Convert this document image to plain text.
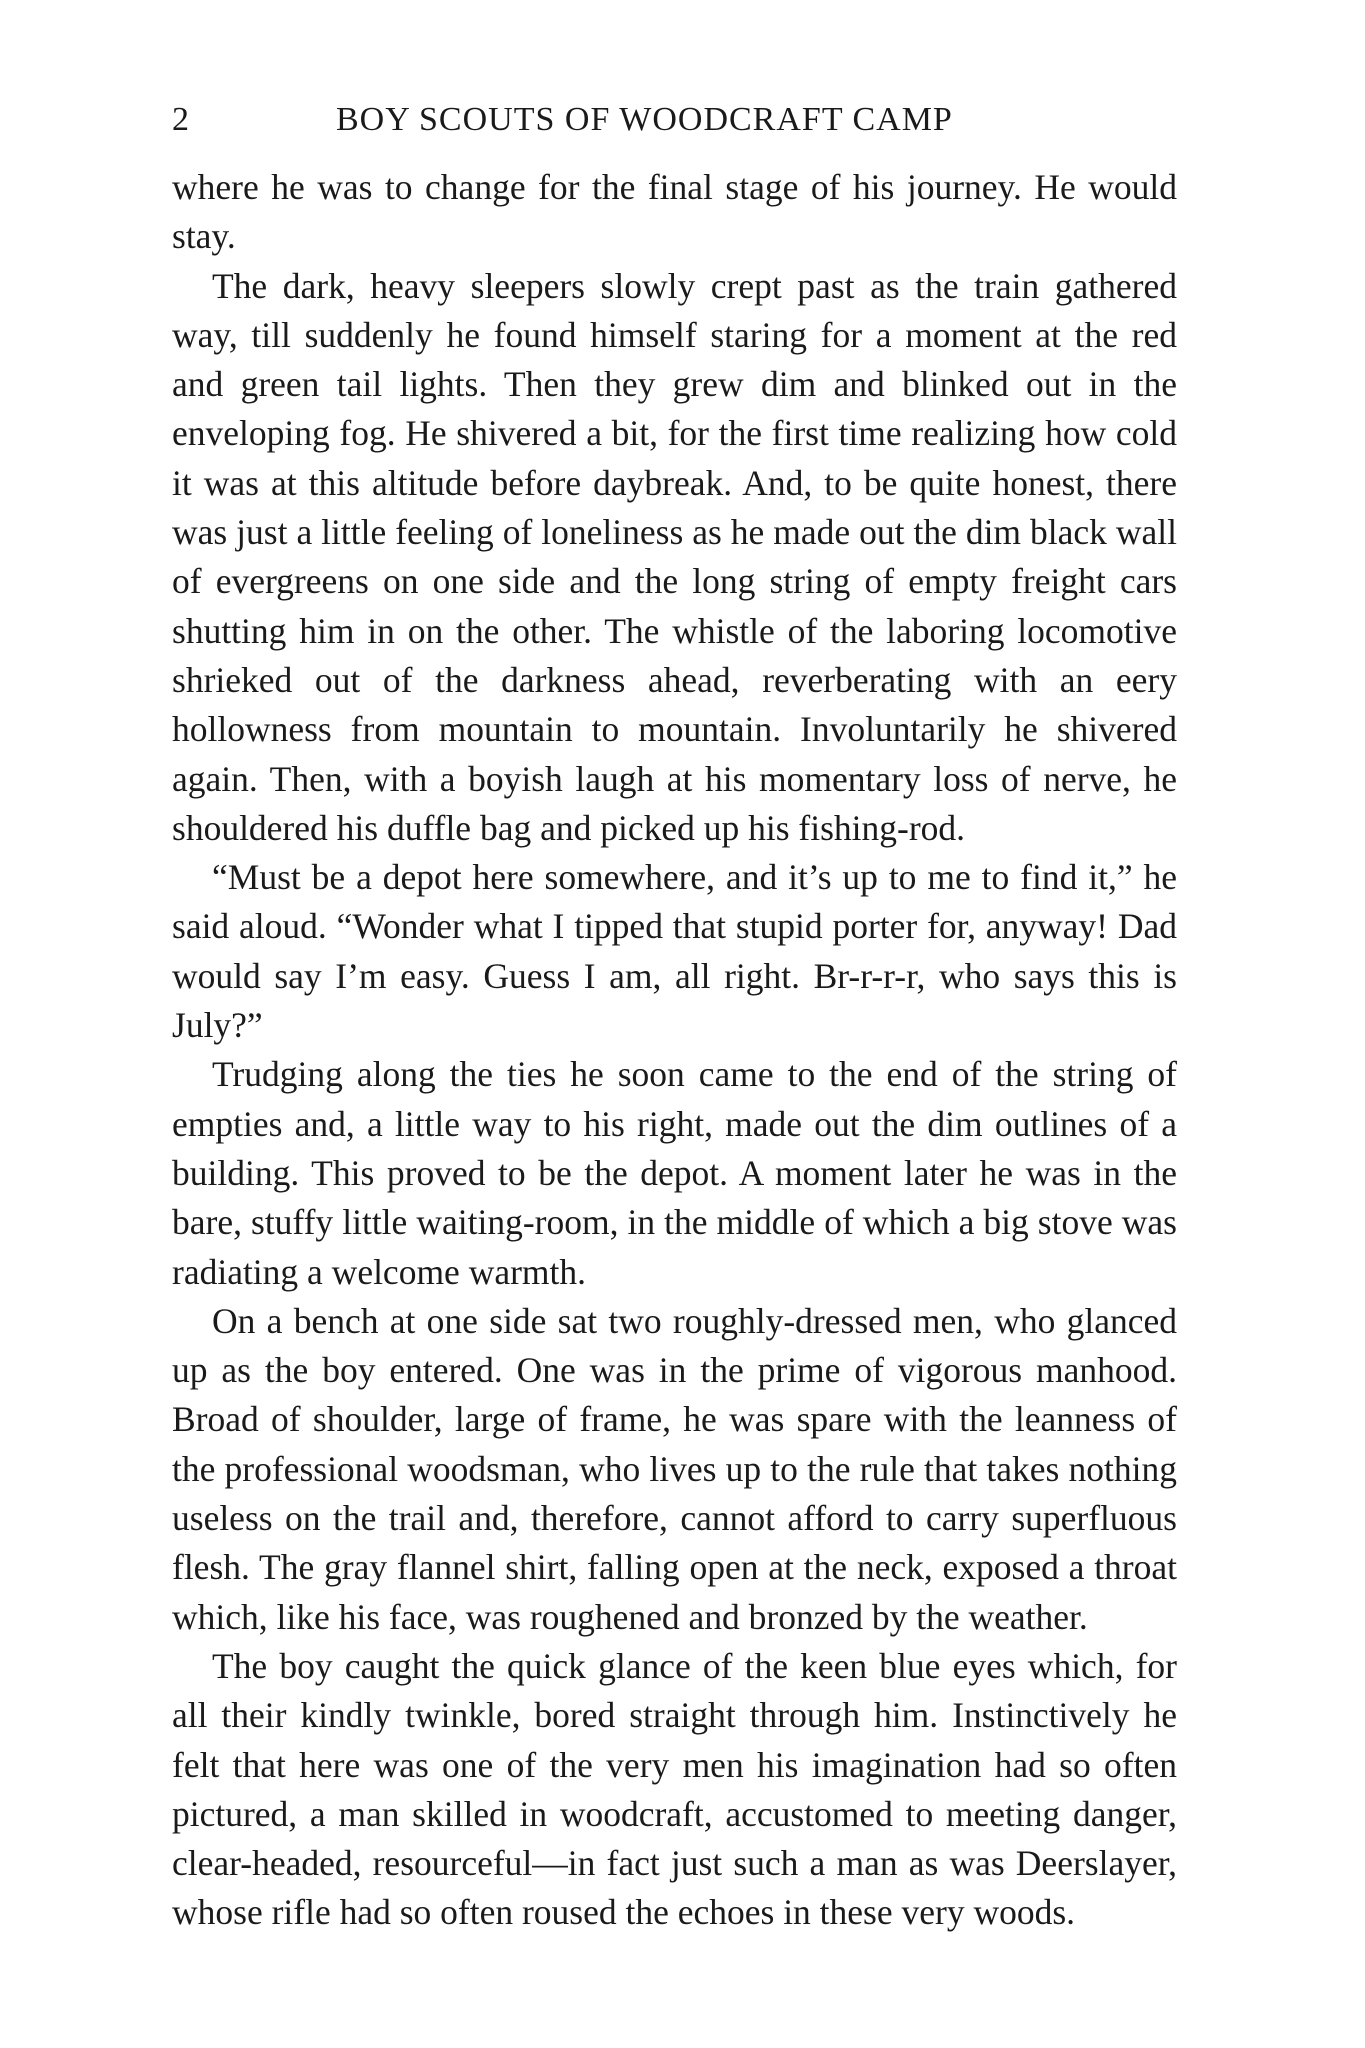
2	BOY SCOUTS OF WOODCRAFT CAMP

where he was to change for the final stage of his journey. He would stay.

The dark, heavy sleepers slowly crept past as the train gathered way, till suddenly he found himself staring for a moment at the red and green tail lights. Then they grew dim and blinked out in the enveloping fog. He shivered a bit, for the first time realizing how cold it was at this altitude before daybreak. And, to be quite honest, there was just a little feeling of loneliness as he made out the dim black wall of evergreens on one side and the long string of empty freight cars shutting him in on the other. The whistle of the laboring locomotive shrieked out of the darkness ahead, reverberating with an eery hollowness from mountain to mountain. Involuntarily he shivered again. Then, with a boyish laugh at his momentary loss of nerve, he shouldered his duffle bag and picked up his fishing-rod.

“Must be a depot here somewhere, and it’s up to me to find it,” he said aloud. “Wonder what I tipped that stupid porter for, anyway! Dad would say I’m easy. Guess I am, all right. Br-r-r-r, who says this is July?”

Trudging along the ties he soon came to the end of the string of empties and, a little way to his right, made out the dim outlines of a building. This proved to be the depot. A moment later he was in the bare, stuffy little waiting-room, in the middle of which a big stove was radiating a welcome warmth.

On a bench at one side sat two roughly-dressed men, who glanced up as the boy entered. One was in the prime of vigorous manhood. Broad of shoulder, large of frame, he was spare with the leanness of the professional woodsman, who lives up to the rule that takes nothing useless on the trail and, therefore, cannot afford to carry superfluous flesh. The gray flannel shirt, falling open at the neck, exposed a throat which, like his face, was roughened and bronzed by the weather.

The boy caught the quick glance of the keen blue eyes which, for all their kindly twinkle, bored straight through him. Instinctively he felt that here was one of the very men his imagination had so often pictured, a man skilled in woodcraft, accustomed to meeting danger, clear-headed, resourceful—in fact just such a man as was Deerslayer, whose rifle had so often roused the echoes in these very woods.
